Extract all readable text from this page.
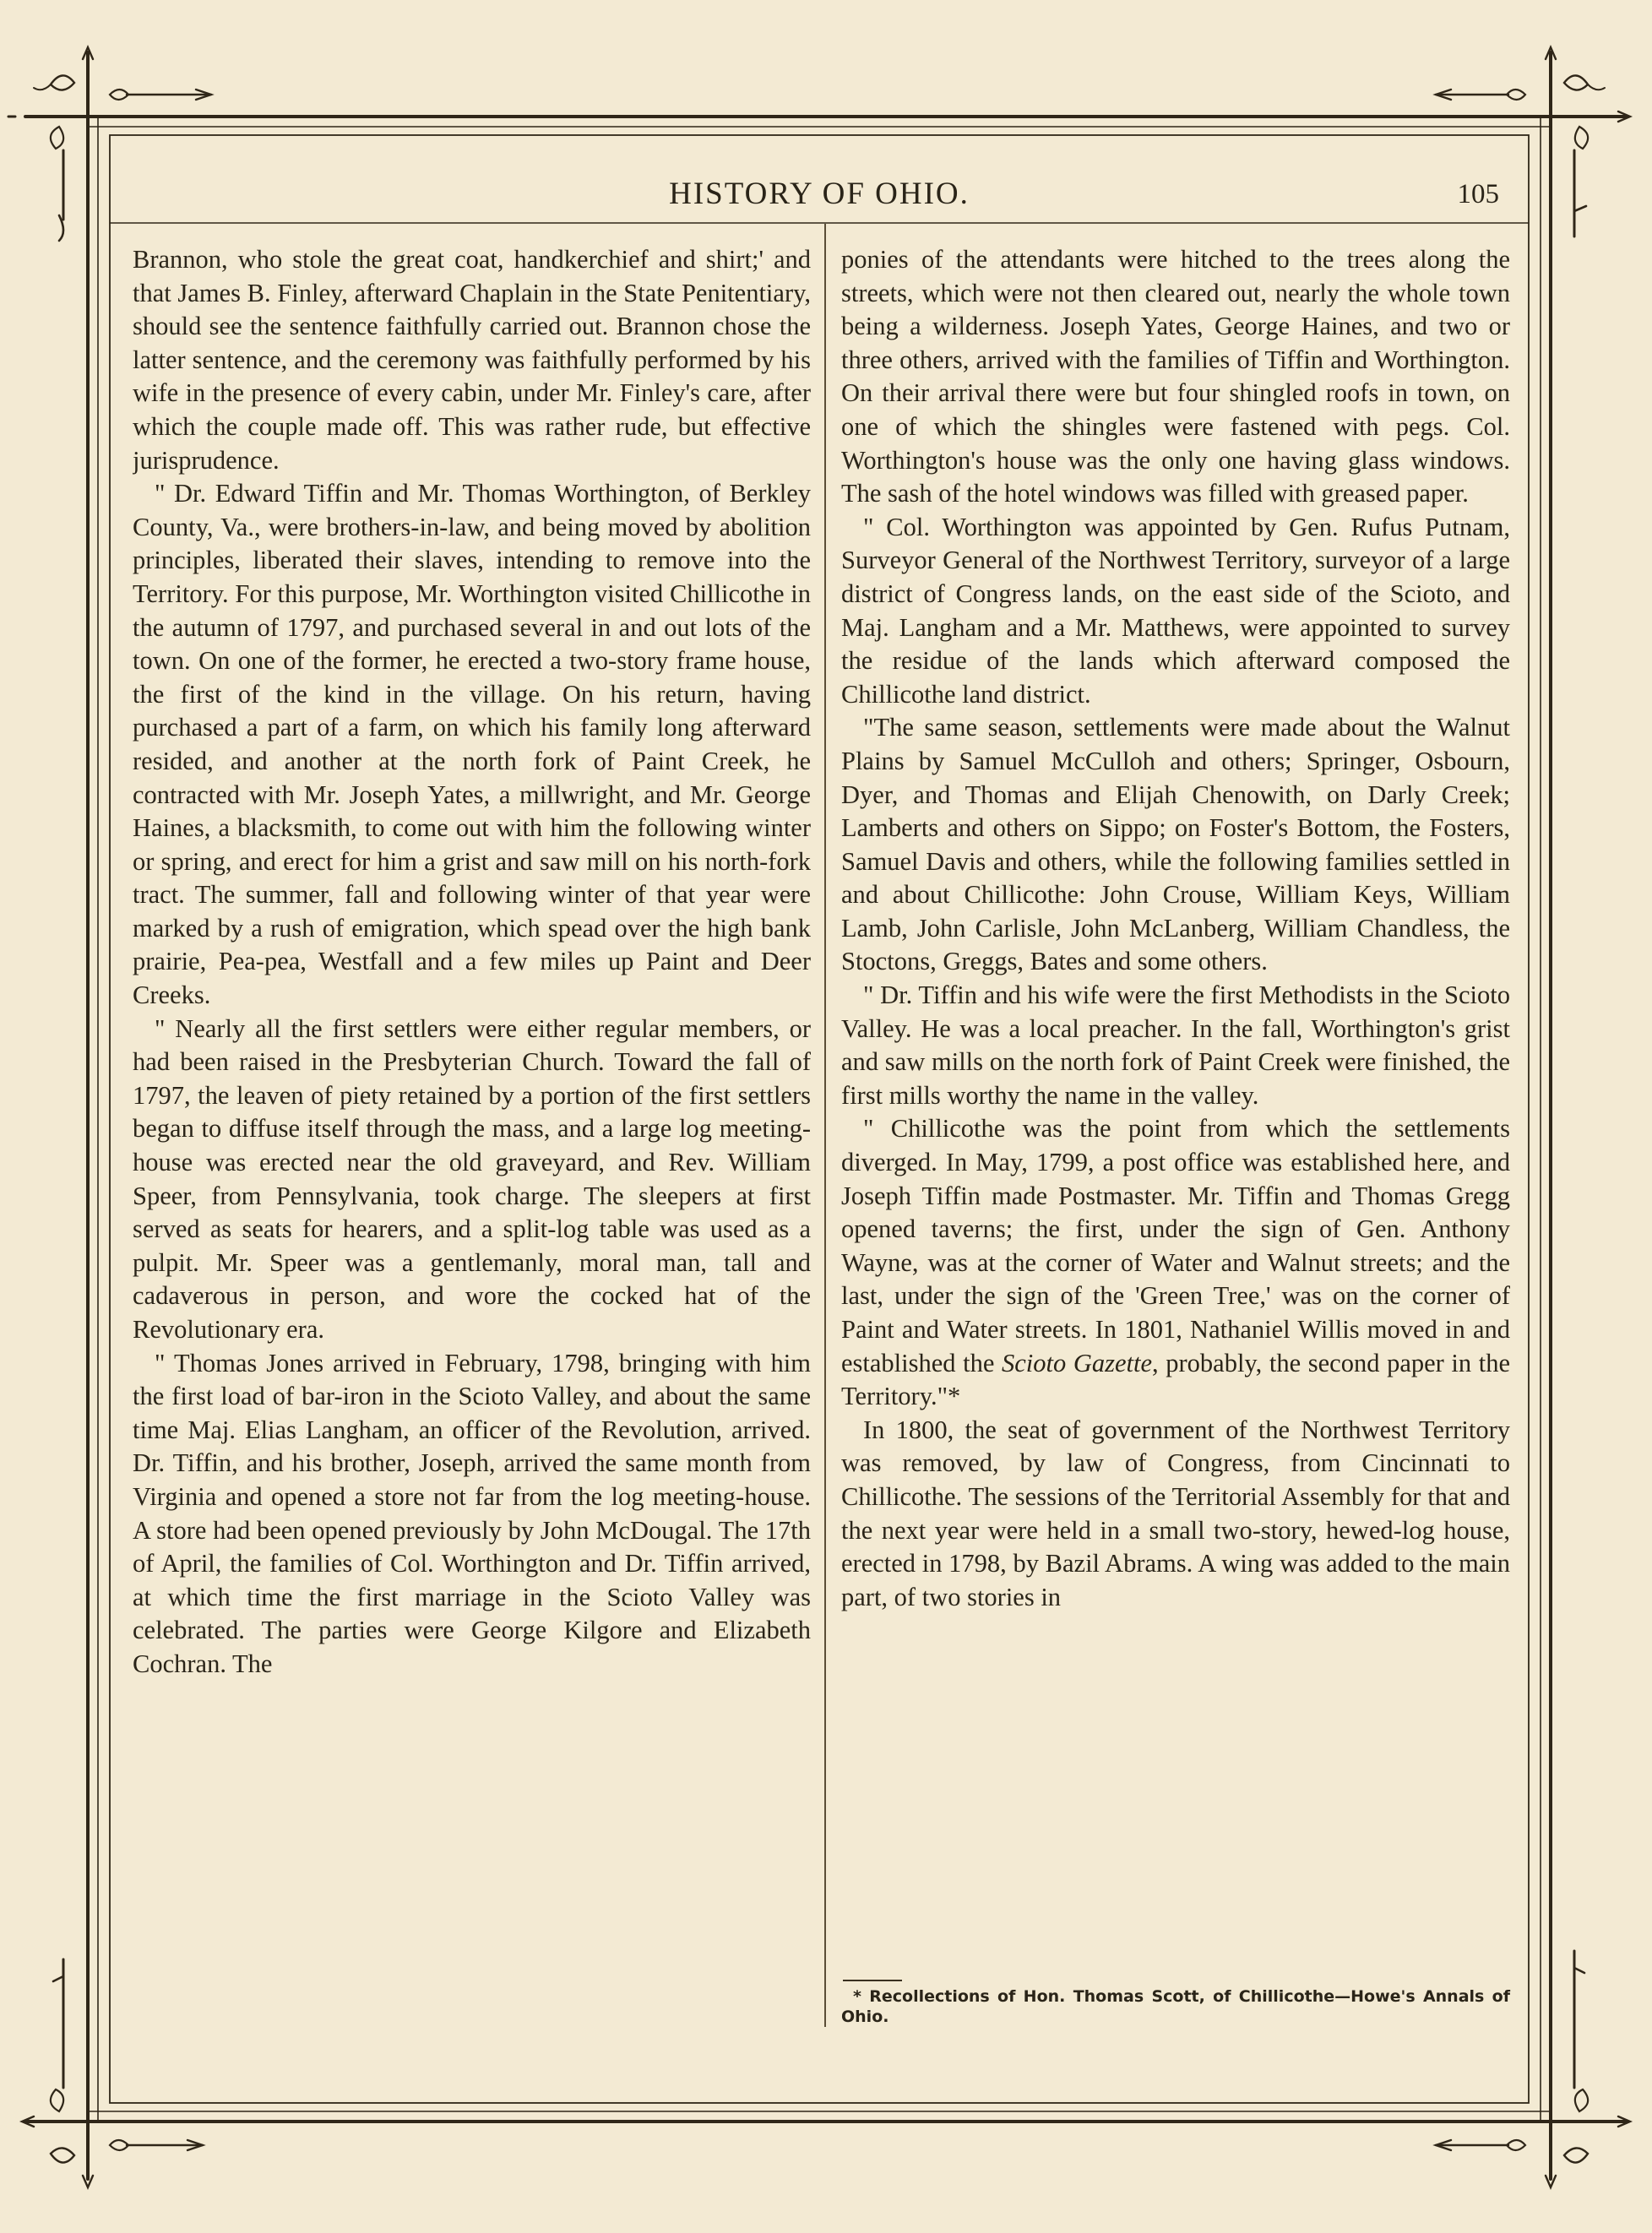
HISTORY OF OHIO.	105

Brannon, who stole the great coat, handkerchief and shirt;' and that James B. Finley, afterward Chaplain in the State Penitentiary, should see the sentence faithfully carried out. Brannon chose the latter sentence, and the ceremony was faithfully performed by his wife in the presence of every cabin, under Mr. Finley's care, after which the couple made off. This was rather rude, but effective jurisprudence.

" Dr. Edward Tiffin and Mr. Thomas Worthington, of Berkley County, Va., were brothers-in-law, and being moved by abolition principles, liberated their slaves, intending to remove into the Territory. For this purpose, Mr. Worthington visited Chillicothe in the autumn of 1797, and purchased several in and out lots of the town. On one of the former, he erected a two-story frame house, the first of the kind in the village. On his return, having purchased a part of a farm, on which his family long afterward resided, and another at the north fork of Paint Creek, he contracted with Mr. Joseph Yates, a millwright, and Mr. George Haines, a blacksmith, to come out with him the following winter or spring, and erect for him a grist and saw mill on his north-fork tract. The summer, fall and following winter of that year were marked by a rush of emigration, which spead over the high bank prairie, Pea-pea, Westfall and a few miles up Paint and Deer Creeks.

" Nearly all the first settlers were either regular members, or had been raised in the Presbyterian Church. Toward the fall of 1797, the leaven of piety retained by a portion of the first settlers began to diffuse itself through the mass, and a large log meeting-house was erected near the old graveyard, and Rev. William Speer, from Pennsylvania, took charge. The sleepers at first served as seats for hearers, and a split-log table was used as a pulpit. Mr. Speer was a gentlemanly, moral man, tall and cadaverous in person, and wore the cocked hat of the Revolutionary era.

" Thomas Jones arrived in February, 1798, bringing with him the first load of bar-iron in the Scioto Valley, and about the same time Maj. Elias Langham, an officer of the Revolution, arrived. Dr. Tiffin, and his brother, Joseph, arrived the same month from Virginia and opened a store not far from the log meeting-house. A store had been opened previously by John McDougal. The 17th of April, the families of Col. Worthington and Dr. Tiffin arrived, at which time the first marriage in the Scioto Valley was celebrated. The parties were George Kilgore and Elizabeth Cochran. The

ponies of the attendants were hitched to the trees along the streets, which were not then cleared out, nearly the whole town being a wilderness. Joseph Yates, George Haines, and two or three others, arrived with the families of Tiffin and Worthington. On their arrival there were but four shingled roofs in town, on one of which the shingles were fastened with pegs. Col. Worthington's house was the only one having glass windows. The sash of the hotel windows was filled with greased paper.

" Col. Worthington was appointed by Gen. Rufus Putnam, Surveyor General of the Northwest Territory, surveyor of a large district of Congress lands, on the east side of the Scioto, and Maj. Langham and a Mr. Matthews, were appointed to survey the residue of the lands which afterward composed the Chillicothe land district.

"The same season, settlements were made about the Walnut Plains by Samuel McCulloh and others; Springer, Osbourn, Dyer, and Thomas and Elijah Chenowith, on Darly Creek; Lamberts and others on Sippo; on Foster's Bottom, the Fosters, Samuel Davis and others, while the following families settled in and about Chillicothe: John Crouse, William Keys, William Lamb, John Carlisle, John McLanberg, William Chandless, the Stoctons, Greggs, Bates and some others.

" Dr. Tiffin and his wife were the first Methodists in the Scioto Valley. He was a local preacher. In the fall, Worthington's grist and saw mills on the north fork of Paint Creek were finished, the first mills worthy the name in the valley.

" Chillicothe was the point from which the settlements diverged. In May, 1799, a post office was established here, and Joseph Tiffin made Postmaster. Mr. Tiffin and Thomas Gregg opened taverns; the first, under the sign of Gen. Anthony Wayne, was at the corner of Water and Walnut streets; and the last, under the sign of the 'Green Tree,' was on the corner of Paint and Water streets. In 1801, Nathaniel Willis moved in and established the Scioto Gazette, probably, the second paper in the Territory."*

In 1800, the seat of government of the Northwest Territory was removed, by law of Congress, from Cincinnati to Chillicothe. The sessions of the Territorial Assembly for that and the next year were held in a small two-story, hewed-log house, erected in 1798, by Bazil Abrams. A wing was added to the main part, of two stories in

* Recollections of Hon. Thomas Scott, of Chillicothe—Howe's Annals of Ohio.
